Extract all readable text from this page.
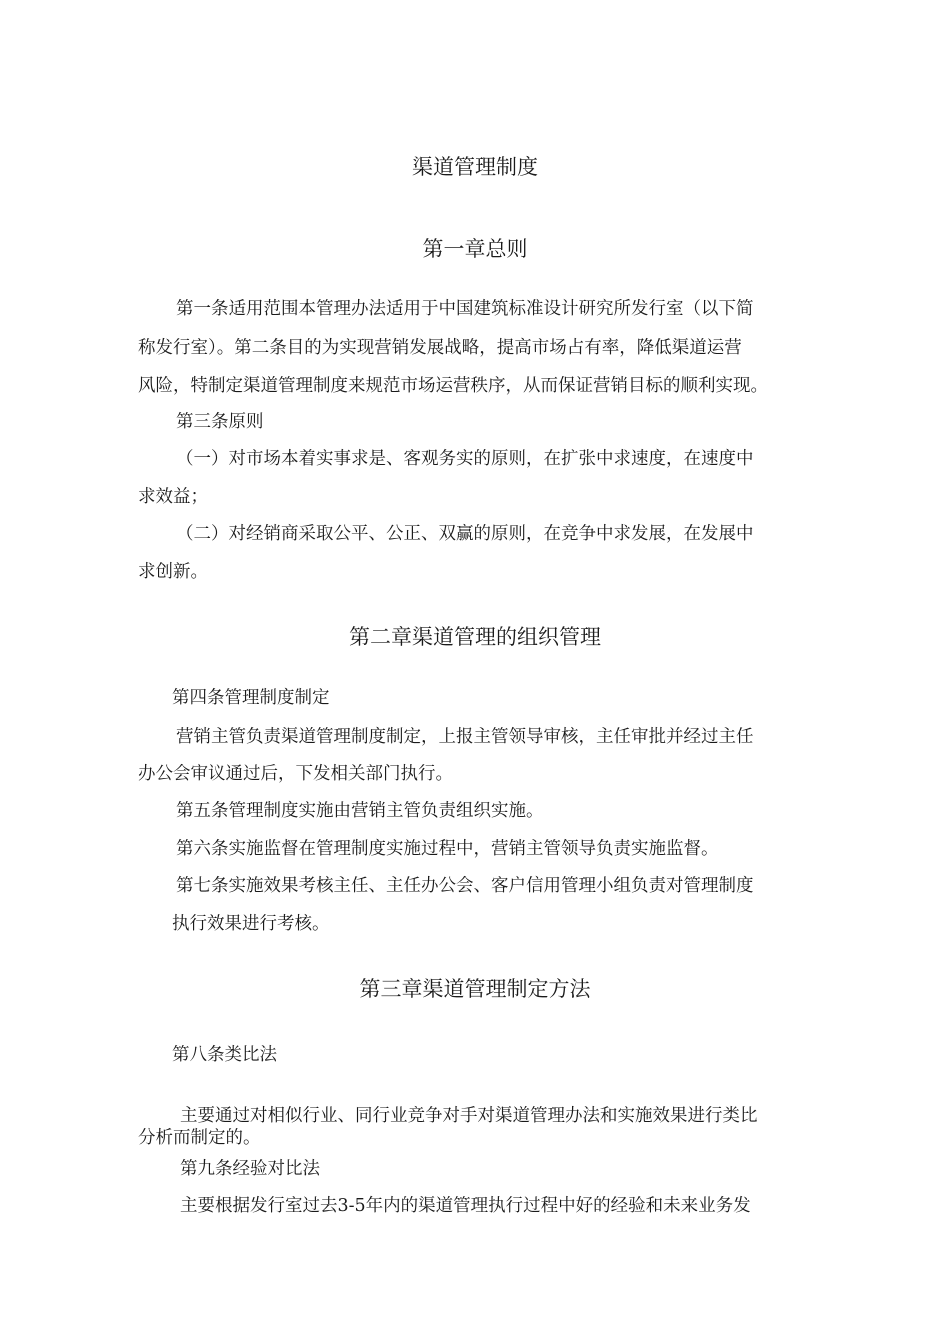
渠道管理制度
第一章总则
第一条适用范围本管理办法适用于中国建筑标准设计研究所发行室（以下简
称发行室）。第二条目的为实现营销发展战略，提高市场占有率，降低渠道运营
风险，特制定渠道管理制度来规范市场运营秩序，从而保证营销目标的顺利实现。
第三条原则
（一）对市场本着实事求是、客观务实的原则，在扩张中求速度，在速度中
求效益；
（二）对经销商采取公平、公正、双赢的原则，在竞争中求发展，在发展中
求创新。
第二章渠道管理的组织管理
第四条管理制度制定
营销主管负责渠道管理制度制定，上报主管领导审核，主任审批并经过主任
办公会审议通过后，下发相关部门执行。
第五条管理制度实施由营销主管负责组织实施。
第六条实施监督在管理制度实施过程中，营销主管领导负责实施监督。
第七条实施效果考核主任、主任办公会、客户信用管理小组负责对管理制度
执行效果进行考核。
第三章渠道管理制定方法
第八条类比法
主要通过对相似行业、同行业竞争对手对渠道管理办法和实施效果进行类比
分析而制定的。
第九条经验对比法
主要根据发行室过去3-5年内的渠道管理执行过程中好的经验和未来业务发
